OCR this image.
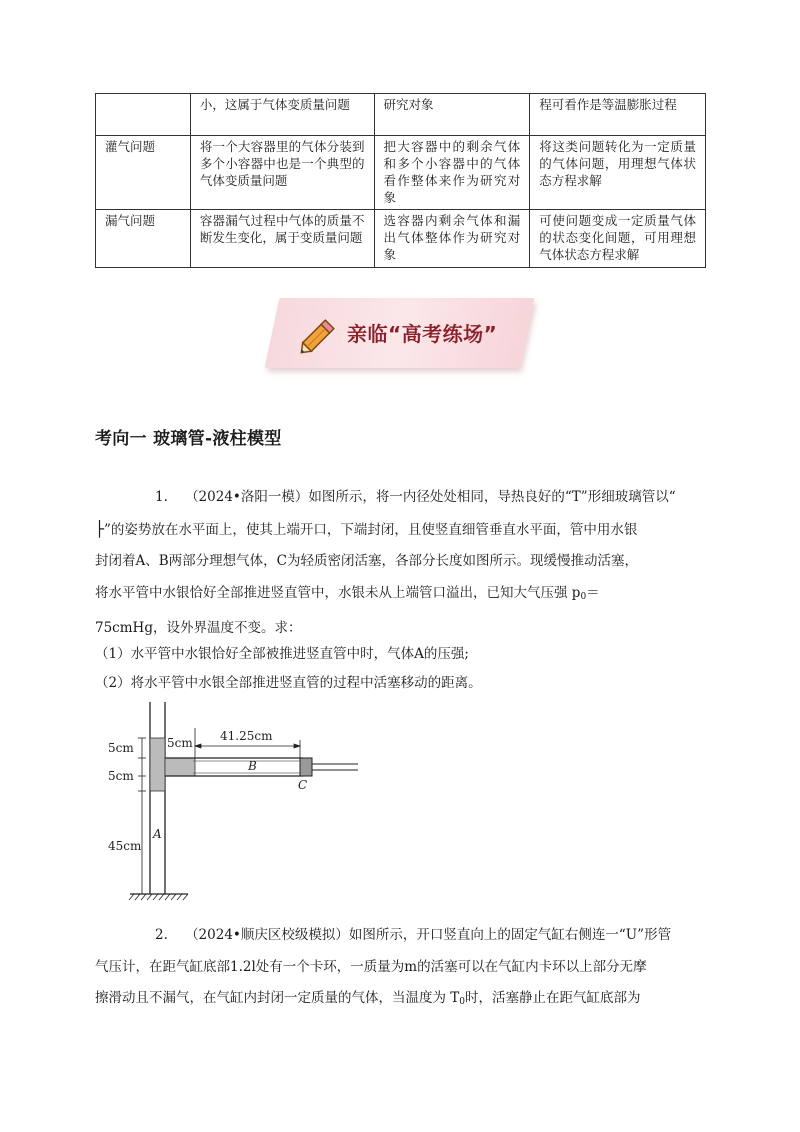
	小，这属于气体变质量问题	研究对象	程可看作是等温膨胀过程
灌气问题	将一个大容器里的气体分装到多个小容器中也是一个典型的气体变质量问题	把大容器中的剩余气体和多个小容器中的气体看作整体来作为研究对象	将这类问题转化为一定质量的气体问题，用理想气体状态方程求解
漏气问题	容器漏气过程中气体的质量不断发生变化，属于变质量问题	选容器内剩余气体和漏出气体整体作为研究对象	可使问题变成一定质量气体的状态变化间题，可用理想气体状态方程求解
亲临“高考练场”
考向一 玻璃管-液柱模型
1. （2024•洛阳一模）如图所示，将一内径处处相同，导热良好的“T”形细玻璃管以“
├”的姿势放在水平面上，使其上端开口，下端封闭，且使竖直细管垂直水平面，管中用水银
封闭着A、B两部分理想气体，C为轻质密闭活塞，各部分长度如图所示。现缓慢推动活塞，
将水平管中水银恰好全部推进竖直管中，水银未从上端管口溢出，已知大气压强 $p_0=$
75cmHg，设外界温度不变。求：
（1）水平管中水银恰好全部被推进竖直管中时，气体A的压强;
（2）将水平管中水银全部推进竖直管的过程中活塞移动的距离。
5cm
5cm
45cm
5cm 41.25cm
A
B
C
2. （2024•顺庆区校级模拟）如图所示，开口竖直向上的固定气缸右侧连一“U”形管
气压计，在距气缸底部1.2l处有一个卡环，一质量为m的活塞可以在气缸内卡环以上部分无摩
擦滑动且不漏气，在气缸内封闭一定质量的气体，当温度为 $T_0$时，活塞静止在距气缸底部为
